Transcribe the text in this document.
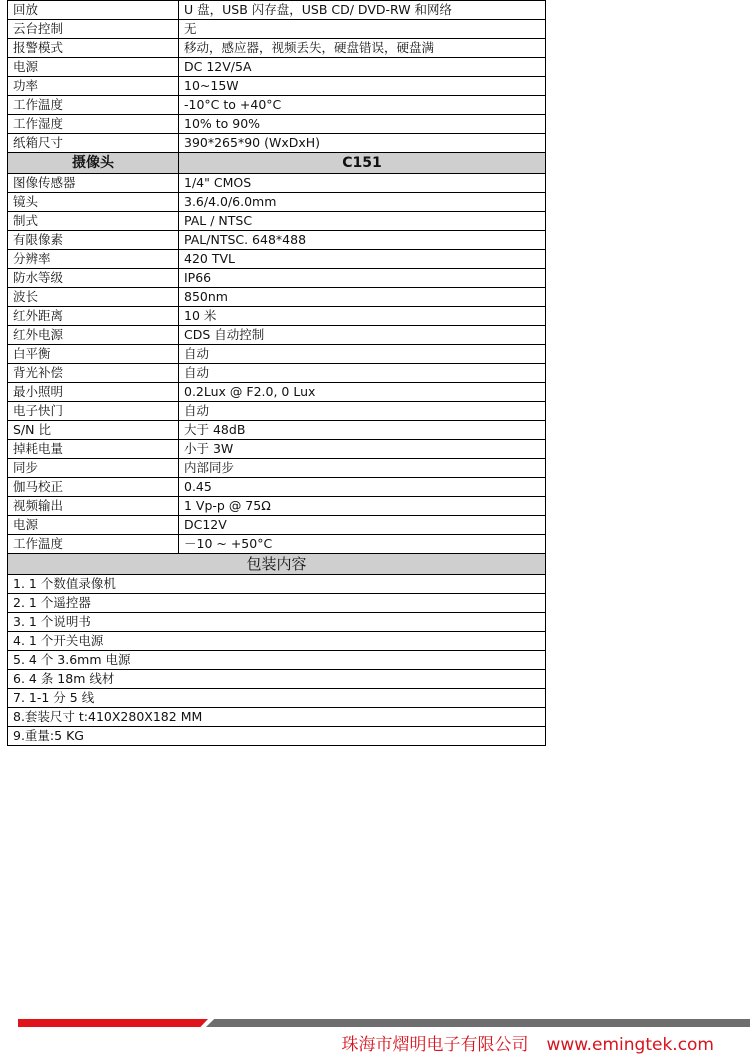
回放	U 盘，USB 闪存盘，USB CD/ DVD-RW 和网络
云台控制	无
报警模式	移动，感应器，视频丢失，硬盘错误，硬盘满
电源	DC 12V/5A
功率	10~15W
工作温度	-10°C to +40°C
工作湿度	10% to 90%
纸箱尺寸	390*265*90 (WxDxH)
摄像头	C151
图像传感器	1/4" CMOS
镜头	3.6/4.0/6.0mm
制式	PAL / NTSC
有限像素	PAL/NTSC. 648*488
分辨率	420 TVL
防水等级	IP66
波长	850nm
红外距离	10 米
红外电源	CDS 自动控制
白平衡	自动
背光补偿	自动
最小照明	0.2Lux @ F2.0, 0 Lux
电子快门	自动
S/N 比	大于 48dB
掉耗电量	小于 3W
同步	内部同步
伽马校正	0.45
视频输出	1 Vp-p @ 75Ω
电源	DC12V
工作温度	－10 ~ +50°C
包装内容	
1. 1 个数值录像机	
2. 1 个遥控器	
3. 1 个说明书	
4. 1 个开关电源	
5. 4 个 3.6mm 电源	
6. 4 条 18m 线材	
7. 1-1 分 5 线	
8.套装尺寸 t:410X280X182 MM	
9.重量:5 KG	
珠海市熠明电子有限公司 www.emingtek.com
